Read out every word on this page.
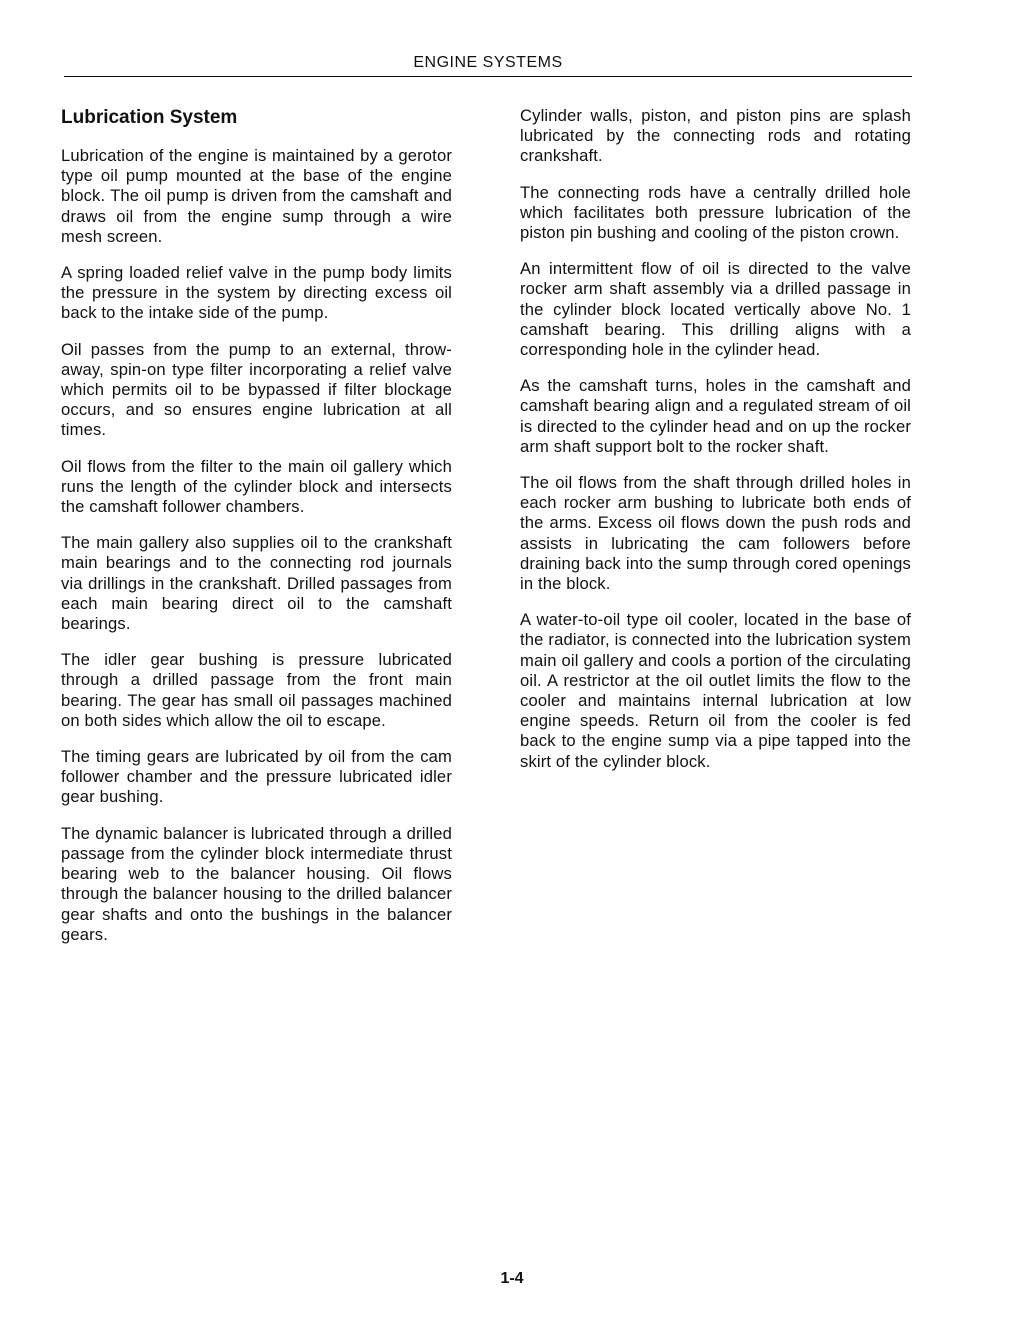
ENGINE SYSTEMS
Lubrication System

Lubrication of the engine is maintained by a gerotor type oil pump mounted at the base of the engine block. The oil pump is driven from the camshaft and draws oil from the engine sump through a wire mesh screen.

A spring loaded relief valve in the pump body limits the pressure in the system by directing excess oil back to the intake side of the pump.

Oil passes from the pump to an external, throw-away, spin-on type filter incorporating a relief valve which permits oil to be bypassed if filter blockage occurs, and so ensures engine lubrication at all times.

Oil flows from the filter to the main oil gallery which runs the length of the cylinder block and intersects the camshaft follower chambers.

The main gallery also supplies oil to the crankshaft main bearings and to the connecting rod journals via drillings in the crankshaft. Drilled passages from each main bearing direct oil to the camshaft bearings.

The idler gear bushing is pressure lubricated through a drilled passage from the front main bearing. The gear has small oil passages machined on both sides which allow the oil to escape.

The timing gears are lubricated by oil from the cam follower chamber and the pressure lubricated idler gear bushing.

The dynamic balancer is lubricated through a drilled passage from the cylinder block intermediate thrust bearing web to the balancer housing. Oil flows through the balancer housing to the drilled balancer gear shafts and onto the bushings in the balancer gears.

Cylinder walls, piston, and piston pins are splash lubricated by the connecting rods and rotating crankshaft.

The connecting rods have a centrally drilled hole which facilitates both pressure lubrication of the piston pin bushing and cooling of the piston crown.

An intermittent flow of oil is directed to the valve rocker arm shaft assembly via a drilled passage in the cylinder block located vertically above No. 1 camshaft bearing. This drilling aligns with a corresponding hole in the cylinder head.

As the camshaft turns, holes in the camshaft and camshaft bearing align and a regulated stream of oil is directed to the cylinder head and on up the rocker arm shaft support bolt to the rocker shaft.

The oil flows from the shaft through drilled holes in each rocker arm bushing to lubricate both ends of the arms. Excess oil flows down the push rods and assists in lubricating the cam followers before draining back into the sump through cored openings in the block.

A water-to-oil type oil cooler, located in the base of the radiator, is connected into the lubrication system main oil gallery and cools a portion of the circulating oil. A restrictor at the oil outlet limits the flow to the cooler and maintains internal lubrication at low engine speeds. Return oil from the cooler is fed back to the engine sump via a pipe tapped into the skirt of the cylinder block.

1-4
